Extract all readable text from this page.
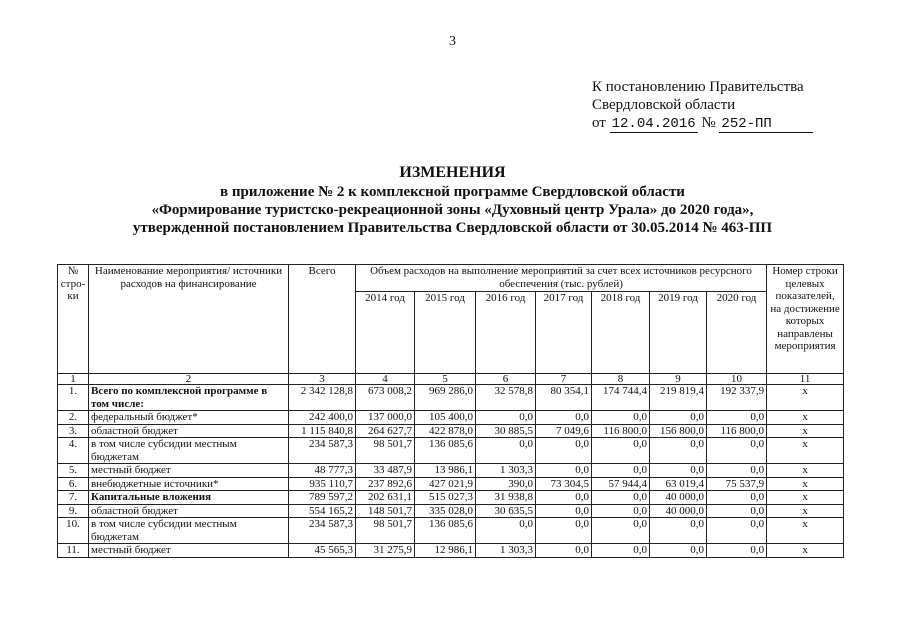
3
К постановлению Правительства
Свердловской области
от 12.04.2016 № 252-ПП
ИЗМЕНЕНИЯ
в приложение № 2 к комплексной программе Свердловской области
«Формирование туристско-рекреационной зоны «Духовный центр Урала» до 2020 года»,
утвержденной постановлением Правительства Свердловской области от 30.05.2014 № 463-ПП
№ стро-ки	Наименование мероприятия/ источники расходов на финансирование	Всего	Объем расходов на выполнение мероприятий за счет всех источников ресурсного обеспечения (тыс. рублей)							Номер строки целевых показателей, на достижение которых направлены мероприятия
			2014 год	2015 год	2016 год	2017 год	2018 год	2019 год	2020 год	
1	2	3	4	5	6	7	8	9	10	11
1.	Всего по комплексной программе в том числе:	2 342 128,8	673 008,2	969 286,0	32 578,8	80 354,1	174 744,4	219 819,4	192 337,9	х
2.	федеральный бюджет*	242 400,0	137 000,0	105 400,0	0,0	0,0	0,0	0,0	0,0	х
3.	областной бюджет	1 115 840,8	264 627,7	422 878,0	30 885,5	7 049,6	116 800,0	156 800,0	116 800,0	х
4.	в том числе субсидии местным бюджетам	234 587,3	98 501,7	136 085,6	0,0	0,0	0,0	0,0	0,0	х
5.	местный бюджет	48 777,3	33 487,9	13 986,1	1 303,3	0,0	0,0	0,0	0,0	х
6.	внебюджетные источники*	935 110,7	237 892,6	427 021,9	390,0	73 304,5	57 944,4	63 019,4	75 537,9	х
7.	Капитальные вложения	789 597,2	202 631,1	515 027,3	31 938,8	0,0	0,0	40 000,0	0,0	х
9.	областной бюджет	554 165,2	148 501,7	335 028,0	30 635,5	0,0	0,0	40 000,0	0,0	х
10.	в том числе субсидии местным бюджетам	234 587,3	98 501,7	136 085,6	0,0	0,0	0,0	0,0	0,0	х
11.	местный бюджет	45 565,3	31 275,9	12 986,1	1 303,3	0,0	0,0	0,0	0,0	х
